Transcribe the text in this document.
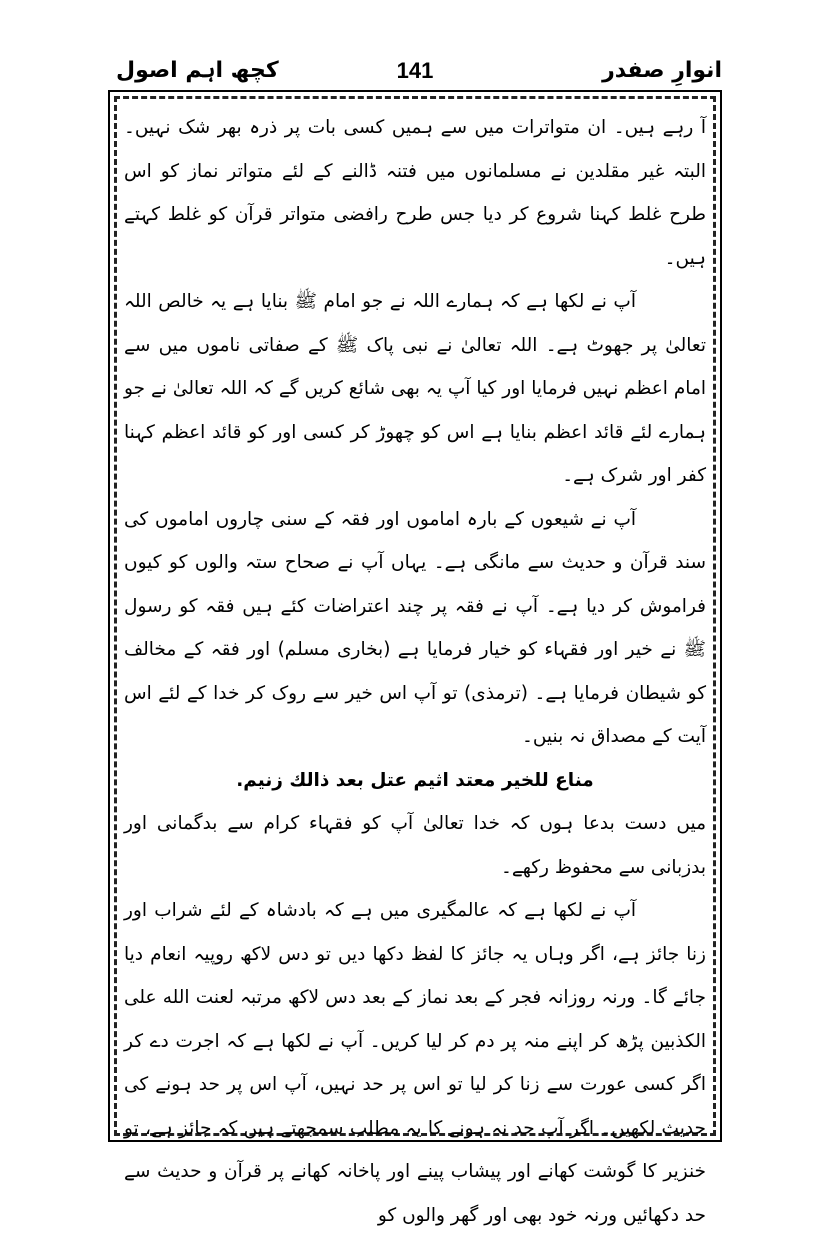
انوارِ صفدر
141
کچھ اہم اصول

آ رہے ہیں۔ ان متواترات میں سے ہمیں کسی بات پر ذرہ بھر شک نہیں۔ البتہ غیر مقلدین نے مسلمانوں میں فتنہ ڈالنے کے لئے متواتر نماز کو اس طرح غلط کہنا شروع کر دیا جس طرح رافضی متواتر قرآن کو غلط کہتے ہیں۔

آپ نے لکھا ہے کہ ہمارے اللہ نے جو امام ﷺ بنایا ہے یہ خالص اللہ تعالیٰ پر جھوٹ ہے۔ اللہ تعالیٰ نے نبی پاک ﷺ کے صفاتی ناموں میں سے امام اعظم نہیں فرمایا اور کیا آپ یہ بھی شائع کریں گے کہ اللہ تعالیٰ نے جو ہمارے لئے قائد اعظم بنایا ہے اس کو چھوڑ کر کسی اور کو قائد اعظم کہنا کفر اور شرک ہے۔

آپ نے شیعوں کے بارہ اماموں اور فقہ کے سنی چاروں اماموں کی سند قرآن و حدیث سے مانگی ہے۔ یہاں آپ نے صحاح ستہ والوں کو کیوں فراموش کر دیا ہے۔ آپ نے فقہ پر چند اعتراضات کئے ہیں فقہ کو رسول ﷺ نے خیر اور فقہاء کو خیار فرمایا ہے (بخاری مسلم) اور فقہ کے مخالف کو شیطان فرمایا ہے۔ (ترمذی) تو آپ اس خیر سے روک کر خدا کے لئے اس آیت کے مصداق نہ بنیں۔

مناع للخير معتد اثيم عتل بعد ذالك زنيم.

میں دست بدعا ہوں کہ خدا تعالیٰ آپ کو فقہاء کرام سے بدگمانی اور بدزبانی سے محفوظ رکھے۔

آپ نے لکھا ہے کہ عالمگیری میں ہے کہ بادشاہ کے لئے شراب اور زنا جائز ہے، اگر وہاں یہ جائز کا لفظ دکھا دیں تو دس لاکھ روپیہ انعام دیا جائے گا۔ ورنہ روزانہ فجر کے بعد نماز کے بعد دس لاکھ مرتبہ لعنت الله على الكذبين پڑھ کر اپنے منہ پر دم کر لیا کریں۔ آپ نے لکھا ہے کہ اجرت دے کر اگر کسی عورت سے زنا کر لیا تو اس پر حد نہیں، آپ اس پر حد ہونے کی حدیث لکھیں۔ اگر آپ حد نہ ہونے کا یہ مطلب سمجھتے ہیں کہ جائز ہے، تو خنزیر کا گوشت کھانے اور پیشاب پینے اور پاخانہ کھانے پر قرآن و حدیث سے حد دکھائیں ورنہ خود بھی اور گھر والوں کو
